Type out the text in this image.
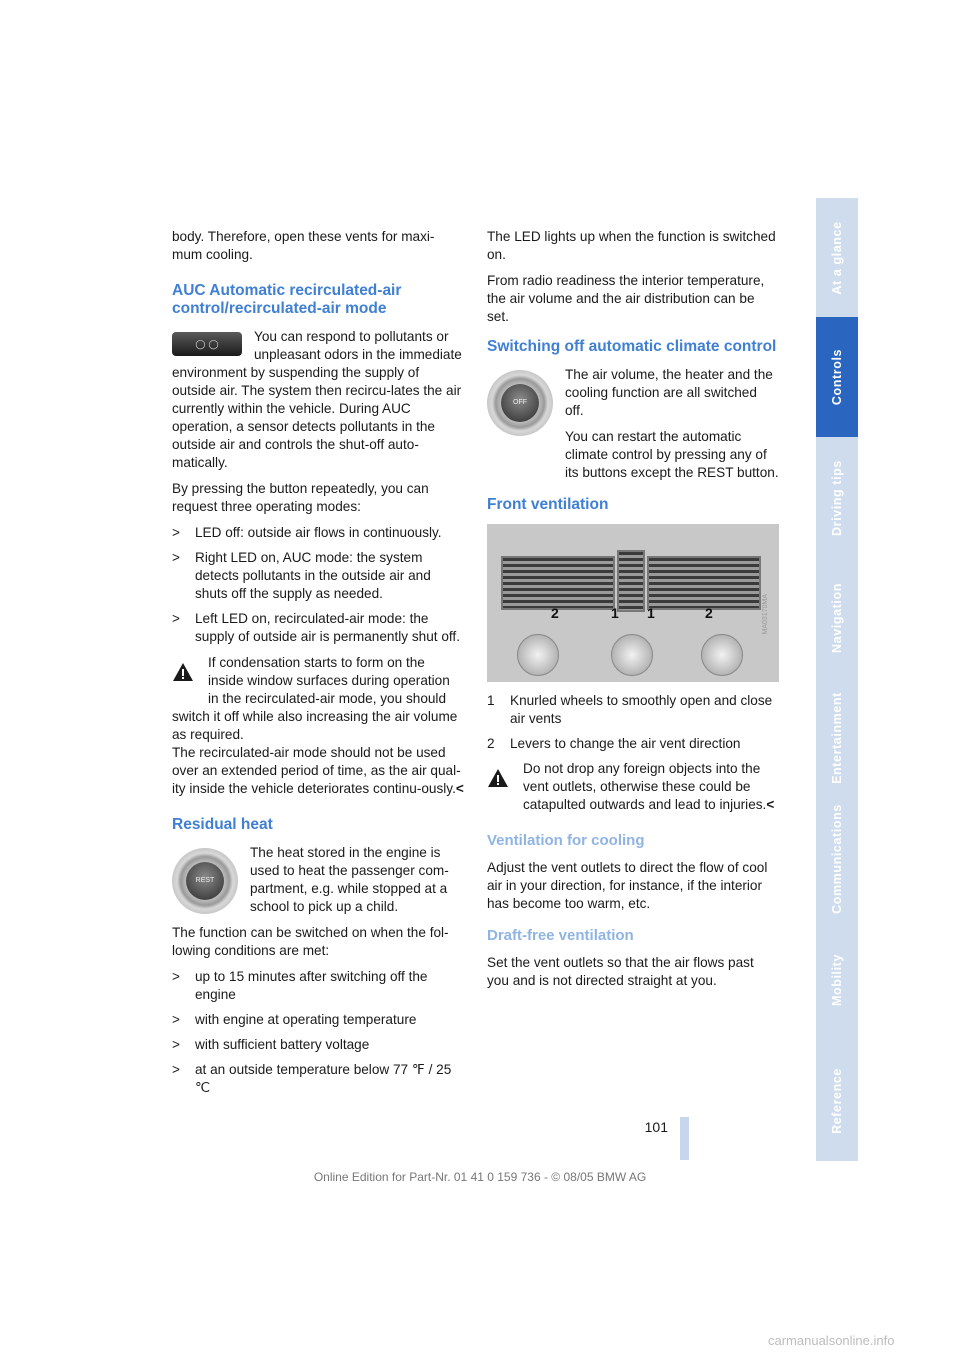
body. Therefore, open these vents for maxi-mum cooling.

AUC Automatic recirculated-air control/recirculated-air mode

◯ ◯	You can respond to pollutants or unpleasant odors in the immediate environment by suspending the supply of outside air. The system then recircu-lates the air currently within the vehicle. During AUC operation, a sensor detects pollutants in the outside air and controls the shut-off auto-matically.

By pressing the button repeatedly, you can request three operating modes:

> LED off: outside air flows in continuously.
> Right LED on, AUC mode: the system detects pollutants in the outside air and shuts off the supply as needed.
> Left LED on, recirculated-air mode: the supply of outside air is permanently shut off.

If condensation starts to form on the inside window surfaces during operation in the recirculated-air mode, you should switch it off while also increasing the air volume as required.
The recirculated-air mode should not be used over an extended period of time, as the air qual-ity inside the vehicle deteriorates continu-ously.<

Residual heat

REST
The heat stored in the engine is used to heat the passenger com-partment, e.g. while stopped at a school to pick up a child.

The function can be switched on when the fol-lowing conditions are met:

> up to 15 minutes after switching off the engine
> with engine at operating temperature
> with sufficient battery voltage
> at an outside temperature below 77 ℉ / 25 ℃

The LED lights up when the function is switched on.

From radio readiness the interior temperature, the air volume and the air distribution can be set.

Switching off automatic climate control

OFF
The air volume, the heater and the cooling function are all switched off.

You can restart the automatic climate control by pressing any of its buttons except the REST button.

Front ventilation
2	1 1	2	MA03170MA
1	Knurled wheels to smoothly open and close air vents
2	Levers to change the air vent direction

Do not drop any foreign objects into the vent outlets, otherwise these could be catapulted outwards and lead to injuries.<

Ventilation for cooling

Adjust the vent outlets to direct the flow of cool air in your direction, for instance, if the interior has become too warm, etc.

Draft-free ventilation

Set the vent outlets so that the air flows past you and is not directed straight at you.

At a glance
Controls
Driving tips
Navigation
Entertainment
Communications
Mobility
Reference
101
Online Edition for Part-Nr. 01 41 0 159 736 - © 08/05 BMW AG
carmanualsonline.info
